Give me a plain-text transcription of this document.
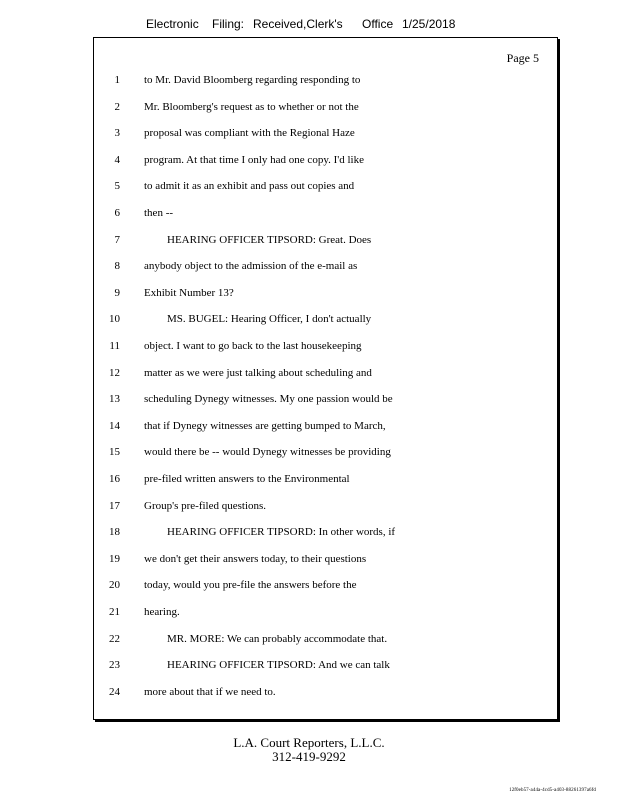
Electronic Filing: Received,Clerk's Office 1/25/2018
Page 5
1 to Mr. David Bloomberg regarding responding to
2 Mr. Bloomberg's request as to whether or not the
3 proposal was compliant with the Regional Haze
4 program. At that time I only had one copy. I'd like
5 to admit it as an exhibit and pass out copies and
6 then --
7	HEARING OFFICER TIPSORD: Great. Does
8 anybody object to the admission of the e-mail as
9 Exhibit Number 13?
10	MS. BUGEL: Hearing Officer, I don't actually
11 object. I want to go back to the last housekeeping
12 matter as we were just talking about scheduling and
13 scheduling Dynegy witnesses. My one passion would be
14 that if Dynegy witnesses are getting bumped to March,
15 would there be -- would Dynegy witnesses be providing
16 pre-filed written answers to the Environmental
17 Group's pre-filed questions.
18	HEARING OFFICER TIPSORD: In other words, if
19 we don't get their answers today, to their questions
20 today, would you pre-file the answers before the
21 hearing.
22	MR. MORE: We can probably accommodate that.
23	HEARING OFFICER TIPSORD: And we can talk
24 more about that if we need to.
L.A. Court Reporters, L.L.C.
312-419-9292
12f0eb57-a44a-4cd5-a403-88261397a6fd
